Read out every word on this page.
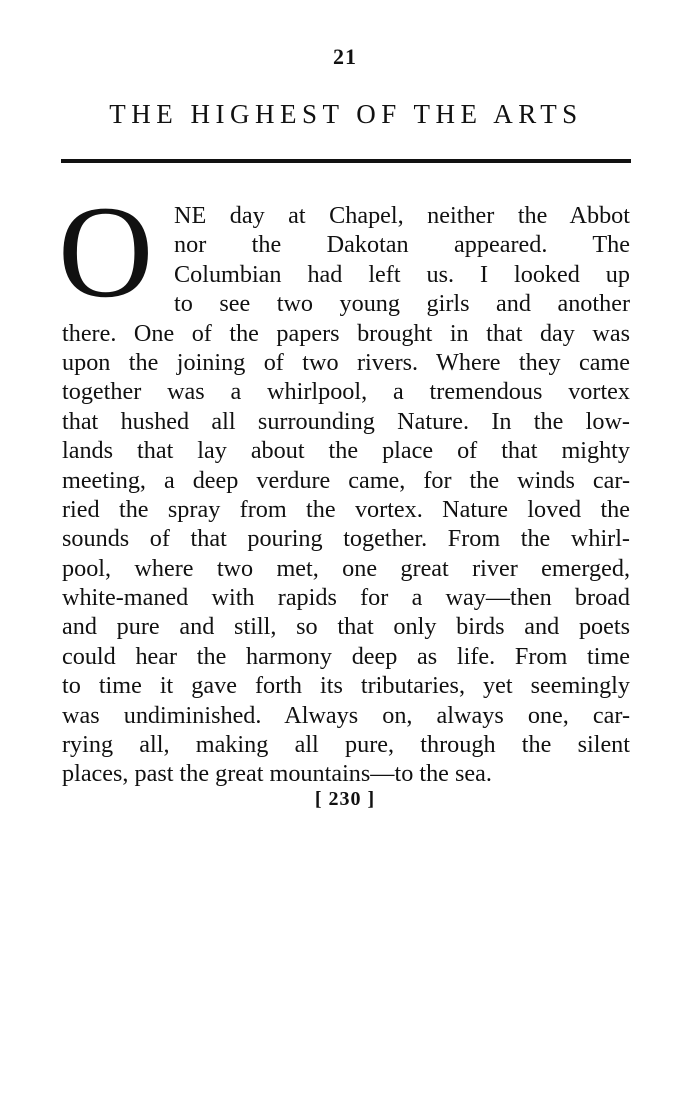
21
THE HIGHEST OF THE ARTS
O NE day at Chapel, neither the Abbot
nor the Dakotan appeared. The
Columbian had left us. I looked up
to see two young girls and another
there. One of the papers brought in that day was
upon the joining of two rivers. Where they came
together was a whirlpool, a tremendous vortex
that hushed all surrounding Nature. In the low-
lands that lay about the place of that mighty
meeting, a deep verdure came, for the winds car-
ried the spray from the vortex. Nature loved the
sounds of that pouring together. From the whirl-
pool, where two met, one great river emerged,
white-maned with rapids for a way—then broad
and pure and still, so that only birds and poets
could hear the harmony deep as life. From time
to time it gave forth its tributaries, yet seemingly
was undiminished. Always on, always one, car-
rying all, making all pure, through the silent
places, past the great mountains—to the sea.
[ 230 ]
